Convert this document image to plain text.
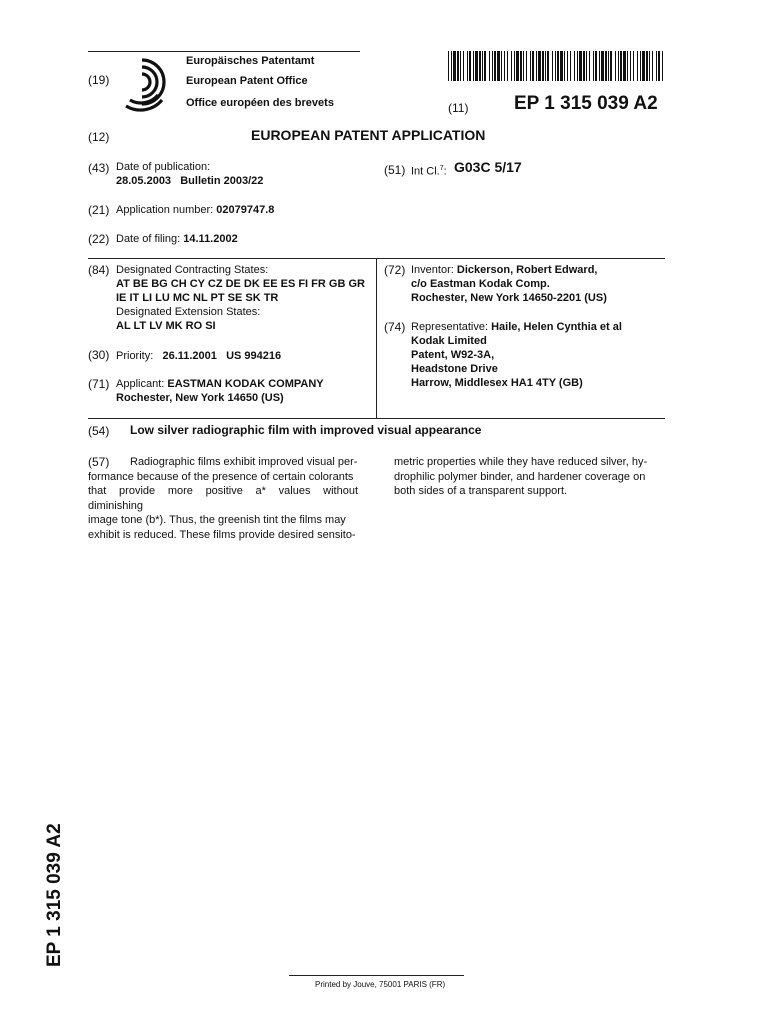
(19)
Europäisches Patentamt
European Patent Office
Office européen des brevets	(11) EP 1 315 039 A2
(12)	EUROPEAN PATENT APPLICATION
(43) Date of publication:
28.05.2003   Bulletin 2003/22
(51) Int Cl.$^7$: G03C 5/17
(21) Application number: 02079747.8
(22) Date of filing: 14.11.2002
(84) Designated Contracting States:
AT BE BG CH CY CZ DE DK EE ES FI FR GB GR
IE IT LI LU MC NL PT SE SK TR
Designated Extension States:
AL LT LV MK RO SI
(30) Priority: 26.11.2001   US 994216
(71) Applicant: EASTMAN KODAK COMPANY
Rochester, New York 14650 (US)
(72) Inventor: Dickerson, Robert Edward,
c/o Eastman Kodak Comp.
Rochester, New York 14650-2201 (US)
(74) Representative: Haile, Helen Cynthia et al
Kodak Limited
Patent, W92-3A,
Headstone Drive
Harrow, Middlesex HA1 4TY (GB)
(54) Low silver radiographic film with improved visual appearance
(57)	Radiographic films exhibit improved visual per-
formance because of the presence of certain colorants
that provide more positive a* values without diminishing
image tone (b*). Thus, the greenish tint the films may
exhibit is reduced. These films provide desired sensito-
metric properties while they have reduced silver, hy-
drophilic polymer binder, and hardener coverage on
both sides of a transparent support.
EP 1 315 039 A2
Printed by Jouve, 75001 PARIS (FR)
